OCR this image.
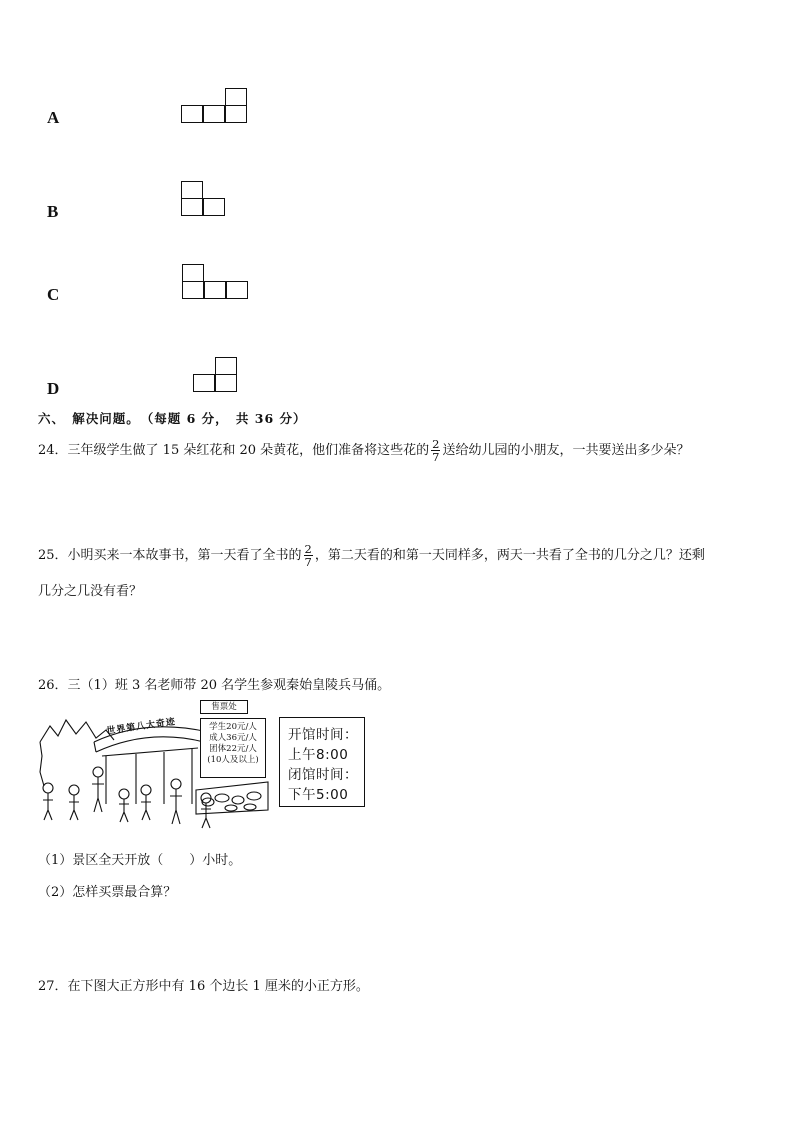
A
B
C
D
六、　解决问题。　（每题 6 分，　共 36 分）
24．三年级学生做了 15 朵红花和 20 朵黄花，他们准备将这些花的 $\frac{2}{7}$ 送给幼儿园的小朋友，一共要送出多少朵？
25．小明买来一本故事书，第一天看了全书的 $\frac{2}{7}$ ，第二天看的和第一天同样多，两天一共看了全书的几分之几？还剩
几分之几没有看？
26．三（1）班 3 名老师带 20 名学生参观秦始皇陵兵马俑。
世界第八大奇迹
售票处
学生20元/人
成人36元/人
团体22元/人
(10人及以上)
开馆时间：
上午8:00
闭馆时间：
下午5:00
（1）景区全天开放（　　）小时。
（2）怎样买票最合算？
27．在下图大正方形中有 16 个边长 1 厘米的小正方形。
